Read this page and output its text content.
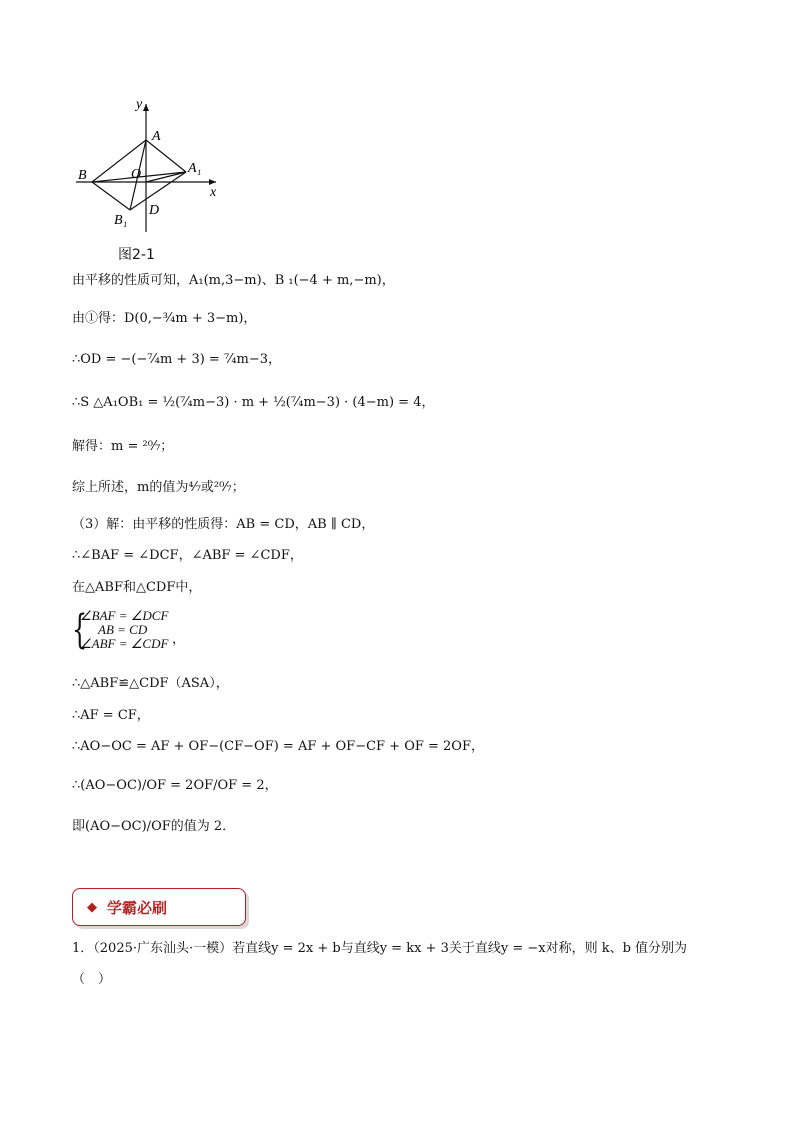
y
x
A
A₁
B
B₁
O
D
图2-1
由平移的性质可知，A₁(m,3−m)、B ₁(−4 + m,−m)，
由①得：D(0,−³⁄₄m + 3−m)，
∴OD = −(−⁷⁄₄m + 3) = ⁷⁄₄m−3，
∴S △A₁OB₁ = ½(⁷⁄₄m−3) · m + ½(⁷⁄₄m−3) · (4−m) = 4，
解得：m = ²⁰⁄₇；
综上所述，m的值为⁴⁄₇或²⁰⁄₇；
（3）解：由平移的性质得：AB = CD，AB ∥ CD，
∴∠BAF = ∠DCF，∠ABF = ∠CDF，
在△ABF和△CDF中，
{
∠BAF = ∠DCF
AB = CD
∠ABF = ∠CDF ，
∴△ABF≌△CDF（ASA），
∴AF = CF，
∴AO−OC = AF + OF−(CF−OF) = AF + OF−CF + OF = 2OF，
∴(AO−OC)/OF = 2OF/OF = 2，
即(AO−OC)/OF的值为 2．
◆ 学霸必刷
1．（2025·广东汕头·一模）若直线y = 2x + b与直线y = kx + 3关于直线y = −x对称，则 k、b 值分别为
（　）
